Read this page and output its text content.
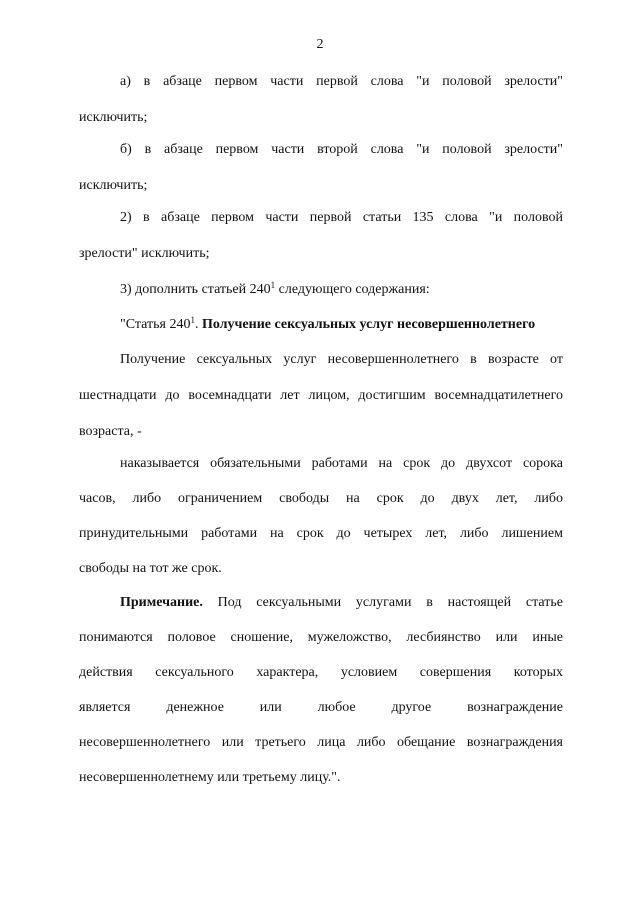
2
а) в абзаце первом части первой слова "и половой зрелости"
исключить;
б) в абзаце первом части второй слова "и половой зрелости"
исключить;
2) в абзаце первом части первой статьи 135 слова "и половой
зрелости" исключить;
3) дополнить статьей $240^1$ следующего содержания:
"Статья $240^1$. Получение сексуальных услуг несовершеннолетнего
Получение сексуальных услуг несовершеннолетнего в возрасте от
шестнадцати до восемнадцати лет лицом, достигшим восемнадцатилетнего
возраста, -
наказывается обязательными работами на срок до двухсот сорока
часов, либо ограничением свободы на срок до двух лет, либо
принудительными работами на срок до четырех лет, либо лишением
свободы на тот же срок.
Примечание. Под сексуальными услугами в настоящей статье
понимаются половое сношение, мужеложство, лесбиянство или иные
действия сексуального характера, условием совершения которых
является денежное или любое другое вознаграждение
несовершеннолетнего или третьего лица либо обещание вознаграждения
несовершеннолетнему или третьему лицу.".
